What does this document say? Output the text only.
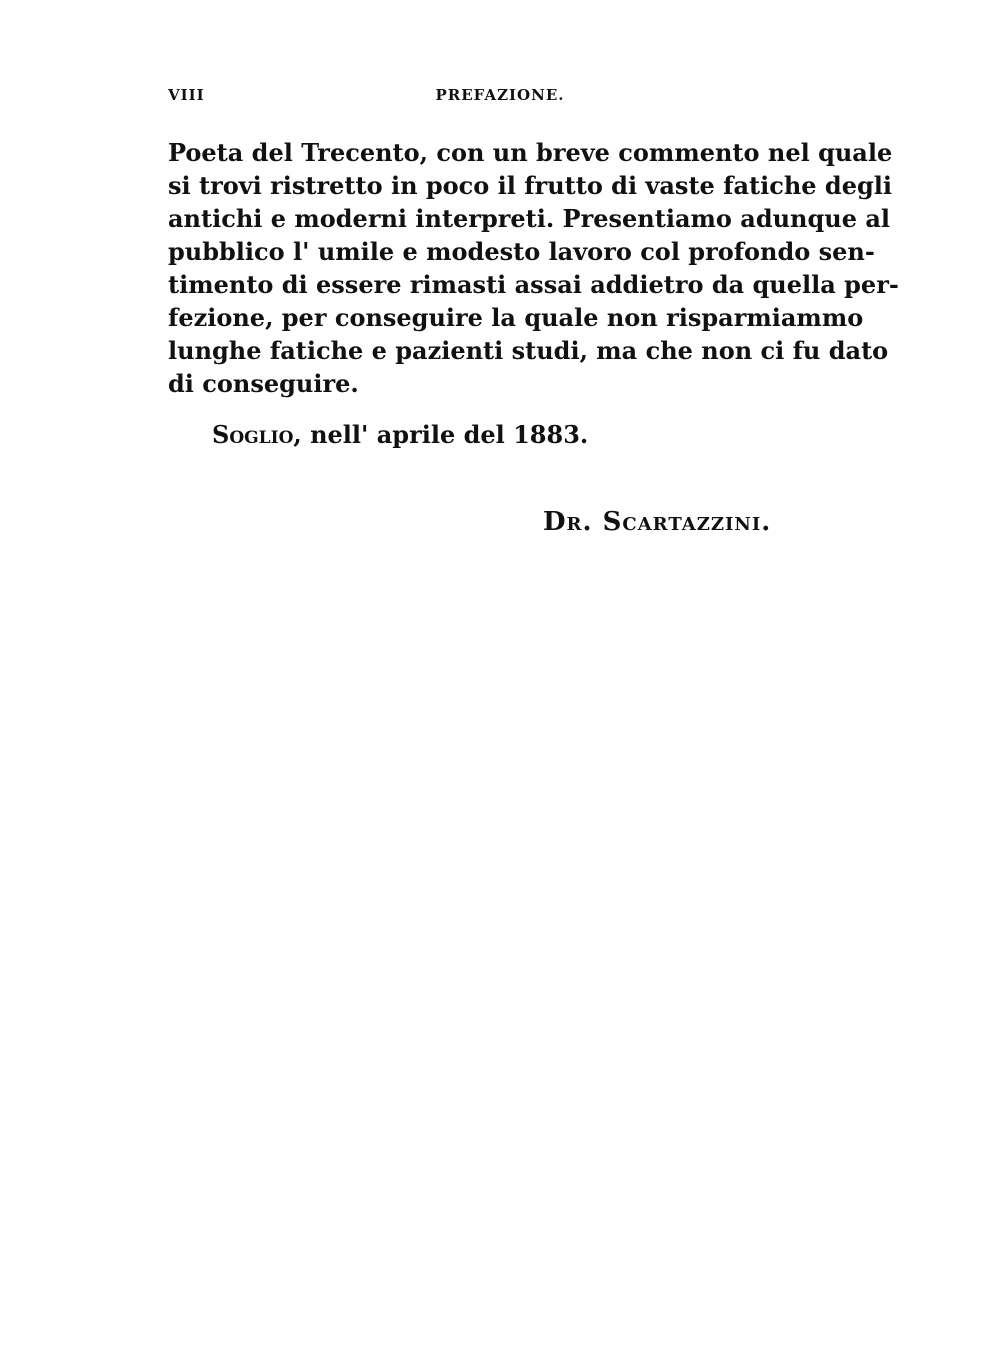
VIII	PREFAZIONE.
Poeta del Trecento, con un breve commento nel quale
si trovi ristretto in poco il frutto di vaste fatiche degli
antichi e moderni interpreti. Presentiamo adunque al
pubblico l' umile e modesto lavoro col profondo sen-
timento di essere rimasti assai addietro da quella per-
fezione, per conseguire la quale non risparmiammo
lunghe fatiche e pazienti studi, ma che non ci fu dato
di conseguire.
Soglio, nell' aprile del 1883.
Dr. Scartazzini.
